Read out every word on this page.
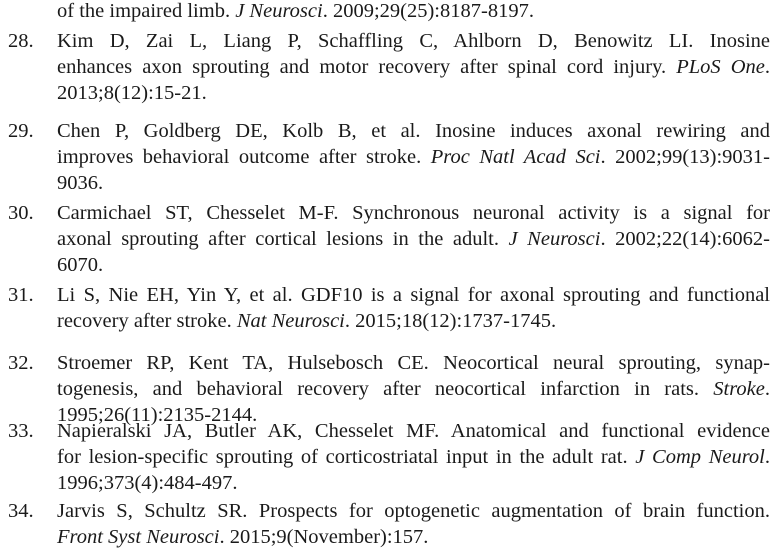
of the impaired limb. J Neurosci. 2009;29(25):8187-8197.
28.	Kim D, Zai L, Liang P, Schaffling C, Ahlborn D, Benowitz LI. Inosine
enhances axon sprouting and motor recovery after spinal cord injury. PLoS One.
2013;8(12):15-21.
29.	Chen P, Goldberg DE, Kolb B, et al. Inosine induces axonal rewiring and
improves behavioral outcome after stroke. Proc Natl Acad Sci. 2002;99(13):9031-
9036.
30.	Carmichael ST, Chesselet M-F. Synchronous neuronal activity is a signal for
axonal sprouting after cortical lesions in the adult. J Neurosci. 2002;22(14):6062-
6070.
31.	Li S, Nie EH, Yin Y, et al. GDF10 is a signal for axonal sprouting and functional
recovery after stroke. Nat Neurosci. 2015;18(12):1737-1745.
32.	Stroemer RP, Kent TA, Hulsebosch CE. Neocortical neural sprouting, synap-
togenesis, and behavioral recovery after neocortical infarction in rats. Stroke.
1995;26(11):2135-2144.
33.	Napieralski JA, Butler AK, Chesselet MF. Anatomical and functional evidence
for lesion-specific sprouting of corticostriatal input in the adult rat. J Comp Neurol.
1996;373(4):484-497.
34.	Jarvis S, Schultz SR. Prospects for optogenetic augmentation of brain function.
Front Syst Neurosci. 2015;9(November):157.
